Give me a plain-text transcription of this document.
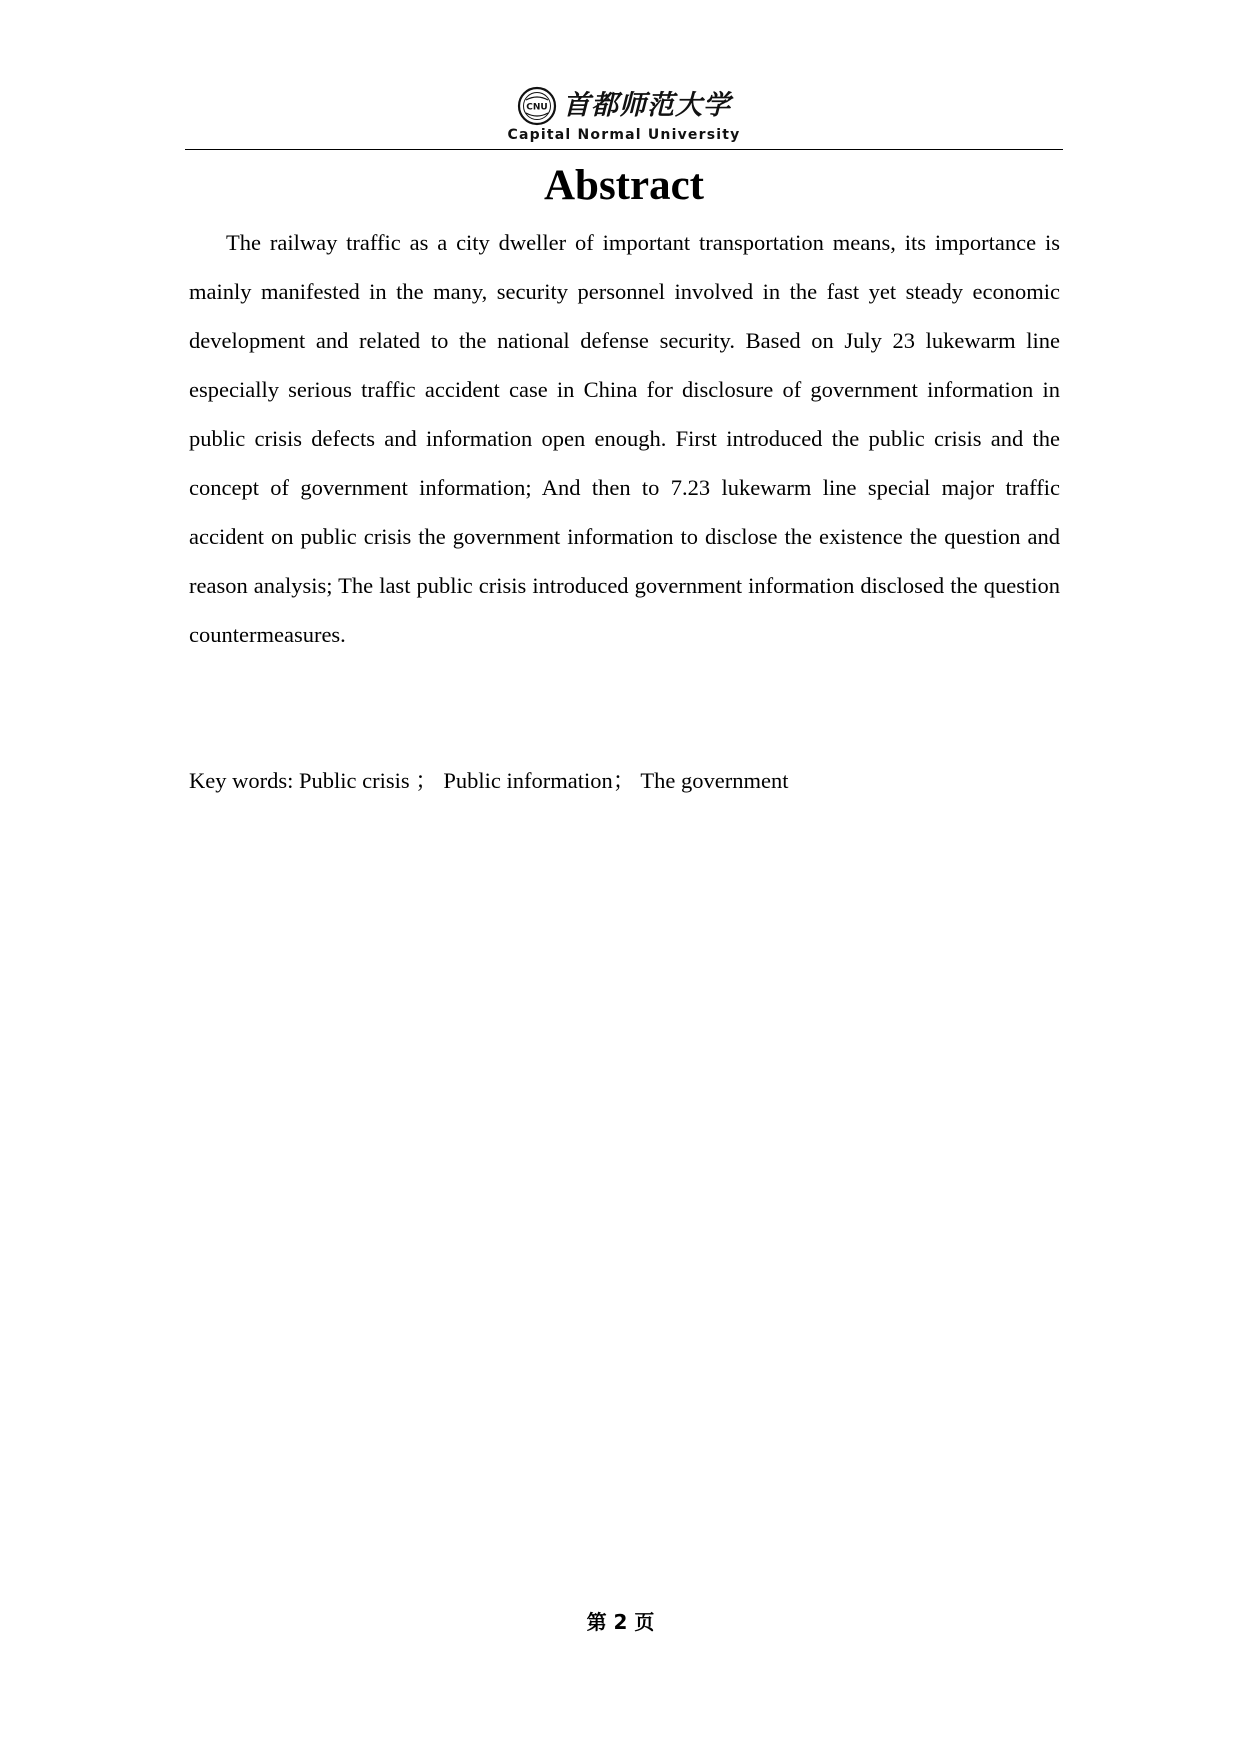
CNU 首都师范大学
Capital Normal University
Abstract

The railway traffic as a city dweller of important transportation means, its importance is mainly manifested in the many, security personnel involved in the fast yet steady economic development and related to the national defense security. Based on July 23 lukewarm line especially serious traffic accident case in China for disclosure of government information in public crisis defects and information open enough. First introduced the public crisis and the concept of government information; And then to 7.23 lukewarm line special major traffic accident on public crisis the government information to disclose the existence the question and reason analysis; The last public crisis introduced government information disclosed the question countermeasures.

Key words: Public crisis ； Public information； The government

第 2 页
